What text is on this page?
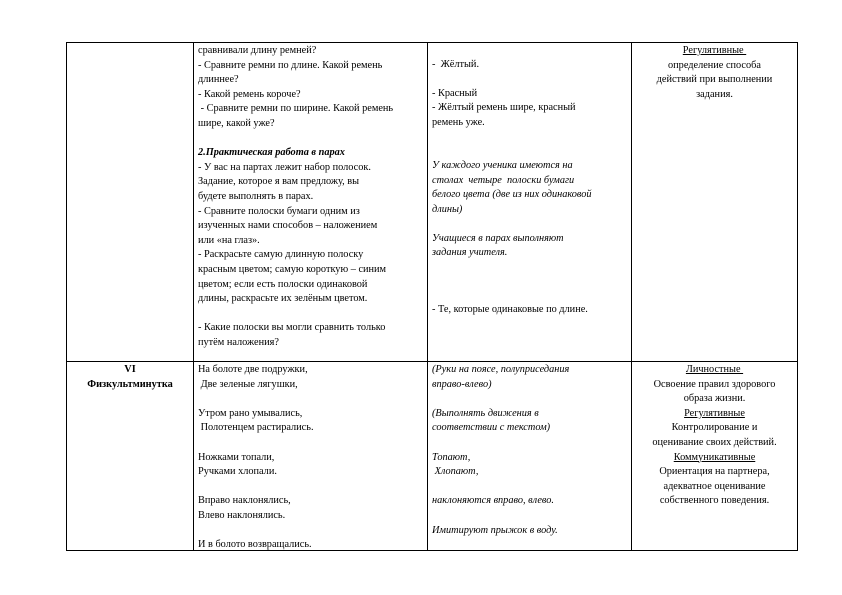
сравнивали длину ремней?
- Сравните ремни по длине. Какой ремень
длиннее?
- Какой ремень короче?
- Сравните ремни по ширине. Какой ремень
шире, какой уже?
2.Практическая работа в парах
- У вас на партах лежит набор полосок.
Задание, которое я вам предложу, вы
будете выполнять в парах.
- Сравните полоски бумаги одним из
изученных нами способов – наложением
или «на глаз».
- Раскрасьте самую длинную полоску
красным цветом; самую короткую – синим
цветом; если есть полоски одинаковой
длины, раскрасьте их зелёным цветом.
- Какие полоски вы могли сравнить только
путём наложения?
-  Жёлтый.
- Красный
- Жёлтый ремень шире, красный
ремень уже.
У каждого ученика имеются на
столах  четыре  полоски бумаги
белого цвета (две из них одинаковой
длины)
Учащиеся в парах выполняют
задания учителя.
- Те, которые одинаковые по длине.
Регулятивные
определение способа
действий при выполнении
задания.
VI
Физкультминутка
На болоте две подружки,
Две зеленые лягушки,
Утром рано умывались,
Полотенцем растирались.
Ножками топали,
Ручками хлопали.
Вправо наклонялись,
Влево наклонялись.
И в болото возвращались.
(Руки на поясе, полуприседания
вправо-влево)
(Выполнять движения в
соответствии с текстом)
Топают,
Хлопают,
наклоняются вправо, влево.
Имитируют прыжок в воду.
Личностные
Освоение правил здорового
образа жизни.
Регулятивные
Контролирование и
оценивание своих действий.
Коммуникативные
Ориентация на партнера,
адекватное оценивание
собственного поведения.
